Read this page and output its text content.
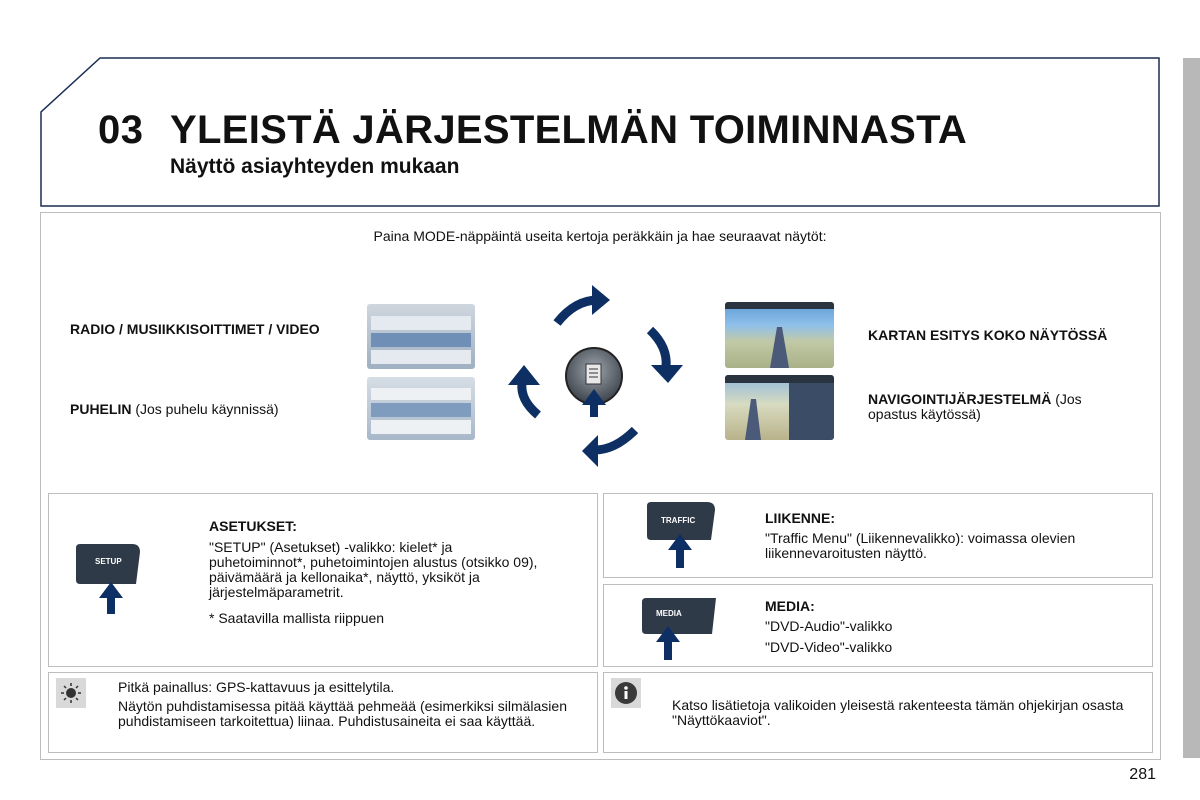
03 YLEISTÄ JÄRJESTELMÄN TOIMINNASTA
Näyttö asiayhteyden mukaan
Paina MODE-näppäintä useita kertoja peräkkäin ja hae seuraavat näytöt:
RADIO / MUSIIKKISOITTIMET / VIDEO
PUHELIN (Jos puhelu käynnissä)
KARTAN ESITYS KOKO NÄYTÖSSÄ
NAVIGOINTIJÄRJESTELMÄ (Jos opastus käytössä)
SETUP
ASETUKSET:
"SETUP" (Asetukset) -valikko: kielet* ja puhetoiminnot*, puhetoimintojen alustus (otsikko 09), päivämäärä ja kellonaika*, näyttö, yksiköt ja järjestelmäparametrit.
* Saatavilla mallista riippuen
TRAFFIC	LIIKENNE:
"Traffic Menu" (Liikennevalikko): voimassa olevien liikennevaroitusten näyttö.
MEDIA	MEDIA:
"DVD-Audio"-valikko
"DVD-Video"-valikko
Pitkä painallus: GPS-kattavuus ja esittelytila.
Näytön puhdistamisessa pitää käyttää pehmeää (esimerkiksi silmälasien puhdistamiseen tarkoitettua) liinaa. Puhdistusaineita ei saa käyttää.
Katso lisätietoja valikoiden yleisestä rakenteesta tämän ohjekirjan osasta "Näyttökaaviot".
281
